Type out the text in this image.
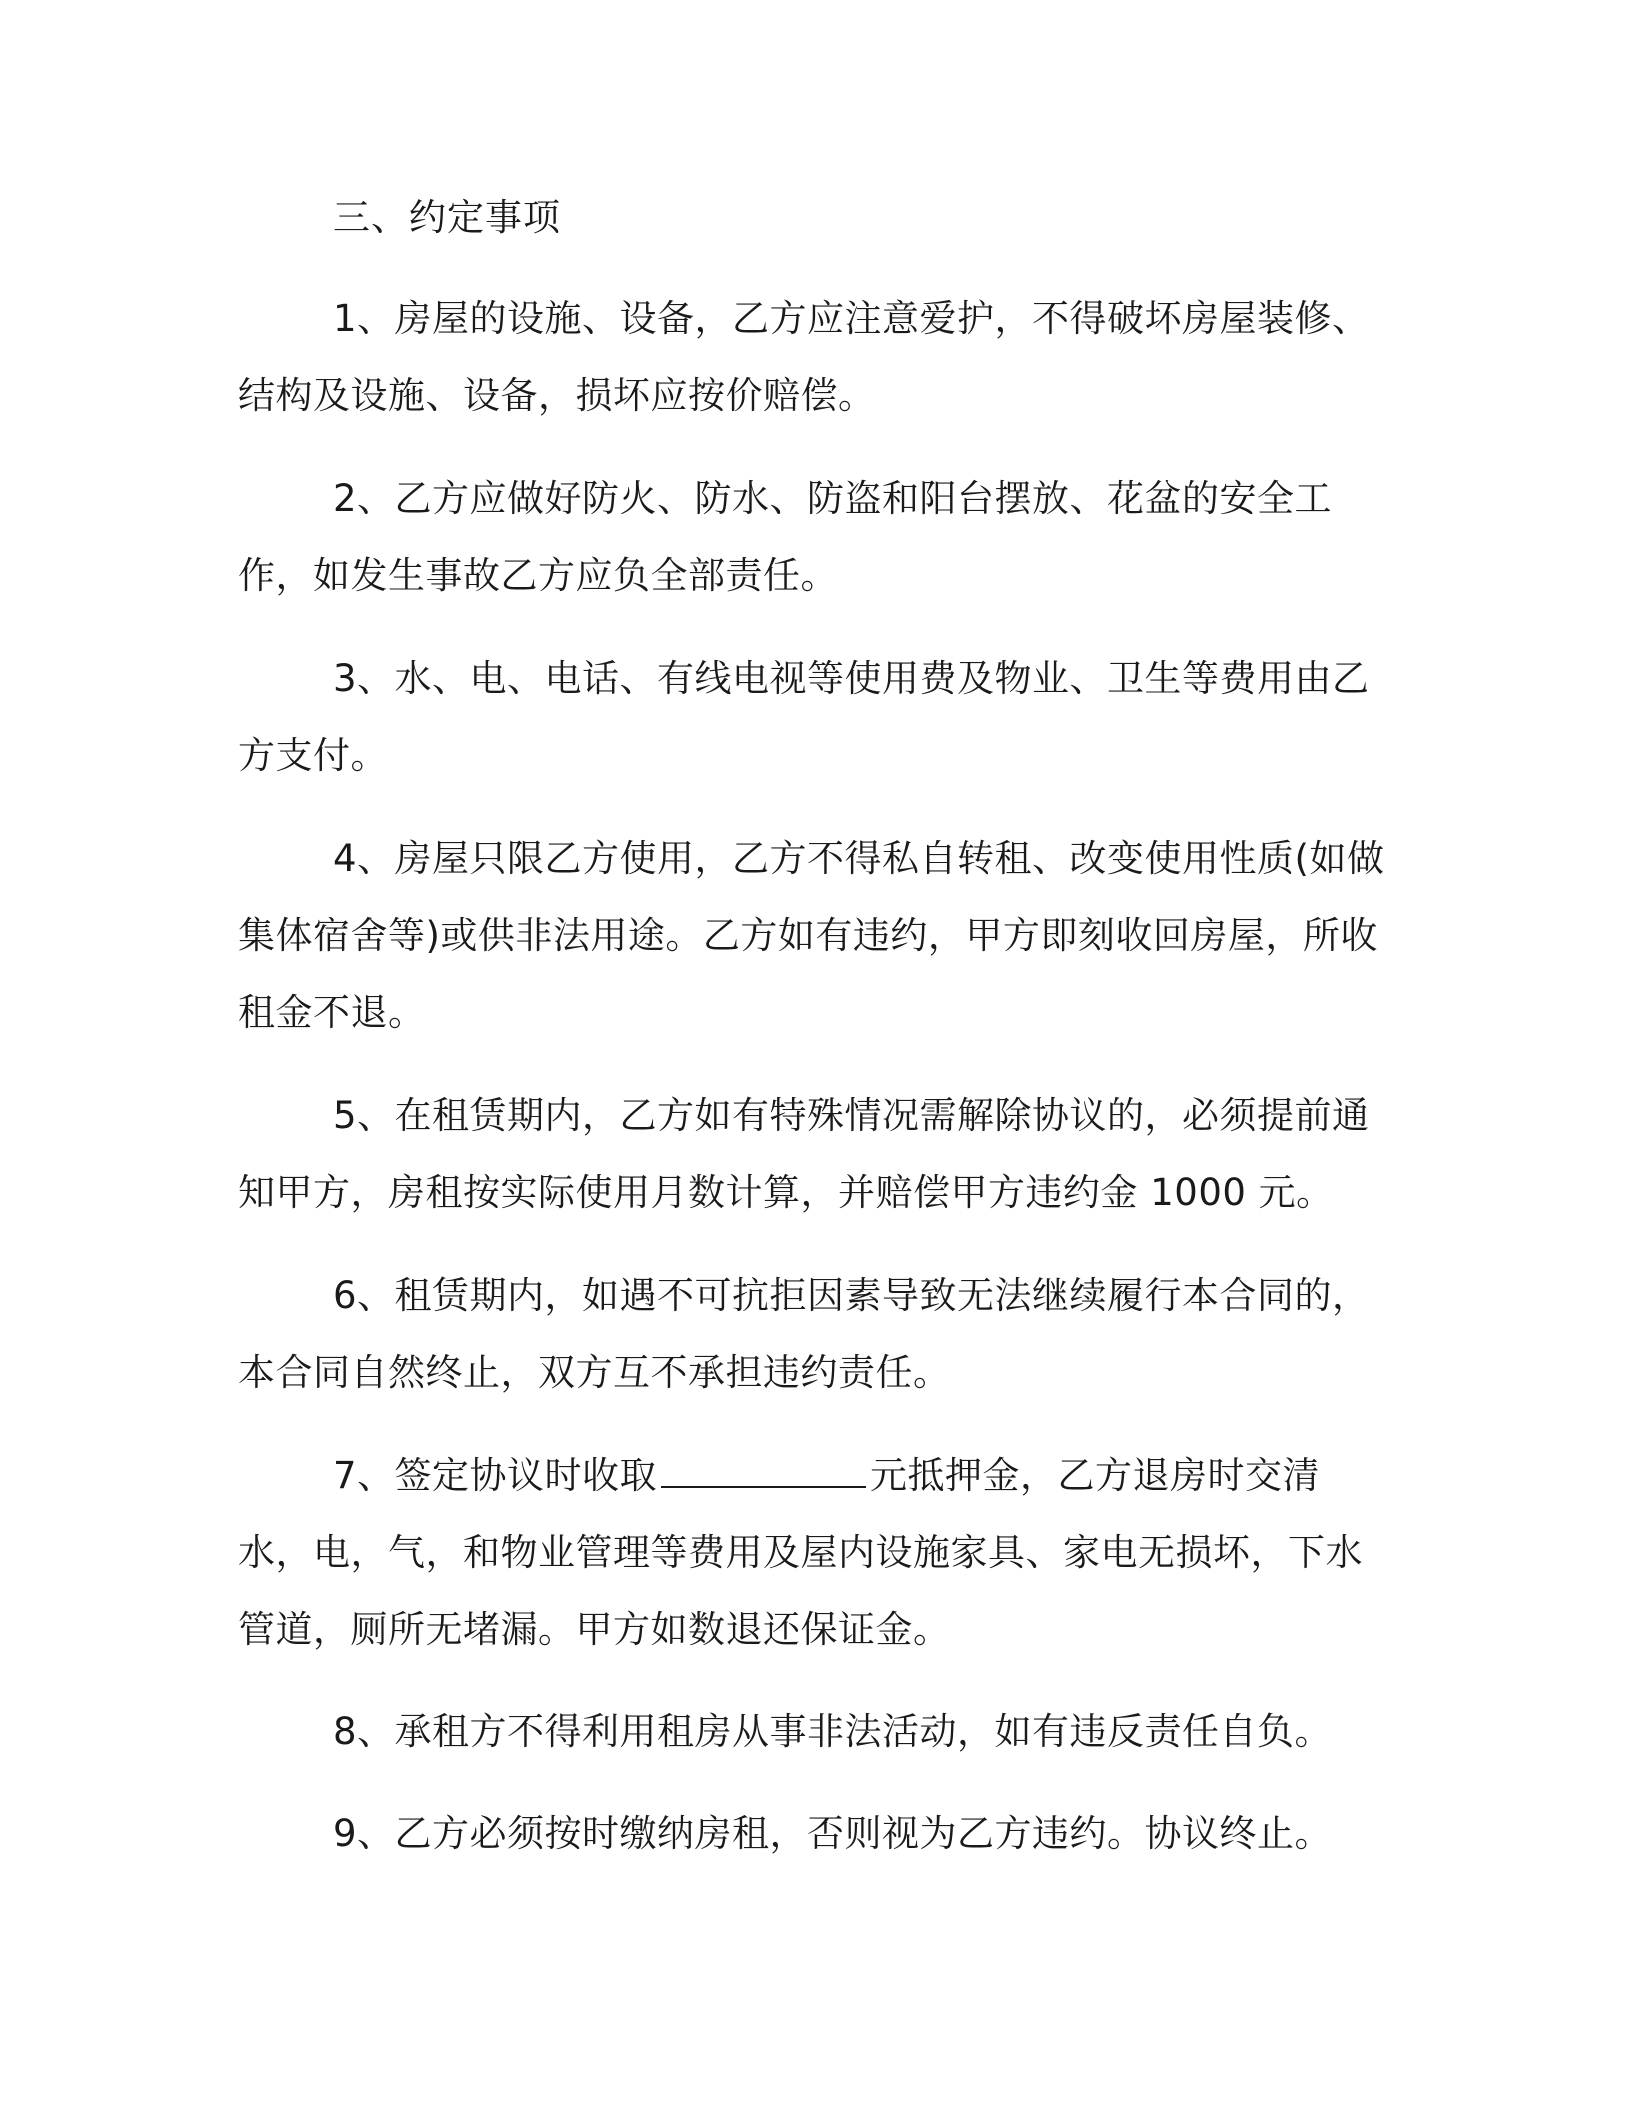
三、约定事项

1、房屋的设施、设备，乙方应注意爱护，不得破坏房屋装修、结构及设施、设备，损坏应按价赔偿。

2、乙方应做好防火、防水、防盗和阳台摆放、花盆的安全工作，如发生事故乙方应负全部责任。

3、水、电、电话、有线电视等使用费及物业、卫生等费用由乙方支付。

4、房屋只限乙方使用，乙方不得私自转租、改变使用性质(如做集体宿舍等)或供非法用途。乙方如有违约，甲方即刻收回房屋，所收租金不退。

5、在租赁期内，乙方如有特殊情况需解除协议的，必须提前通知甲方，房租按实际使用月数计算，并赔偿甲方违约金 1000 元。

6、租赁期内，如遇不可抗拒因素导致无法继续履行本合同的，本合同自然终止，双方互不承担违约责任。

7、签定协议时收取	元抵押金，乙方退房时交清水，电，气，和物业管理等费用及屋内设施家具、家电无损坏，下水管道，厕所无堵漏。甲方如数退还保证金。

8、承租方不得利用租房从事非法活动，如有违反责任自负。

9、乙方必须按时缴纳房租，否则视为乙方违约。协议终止。
